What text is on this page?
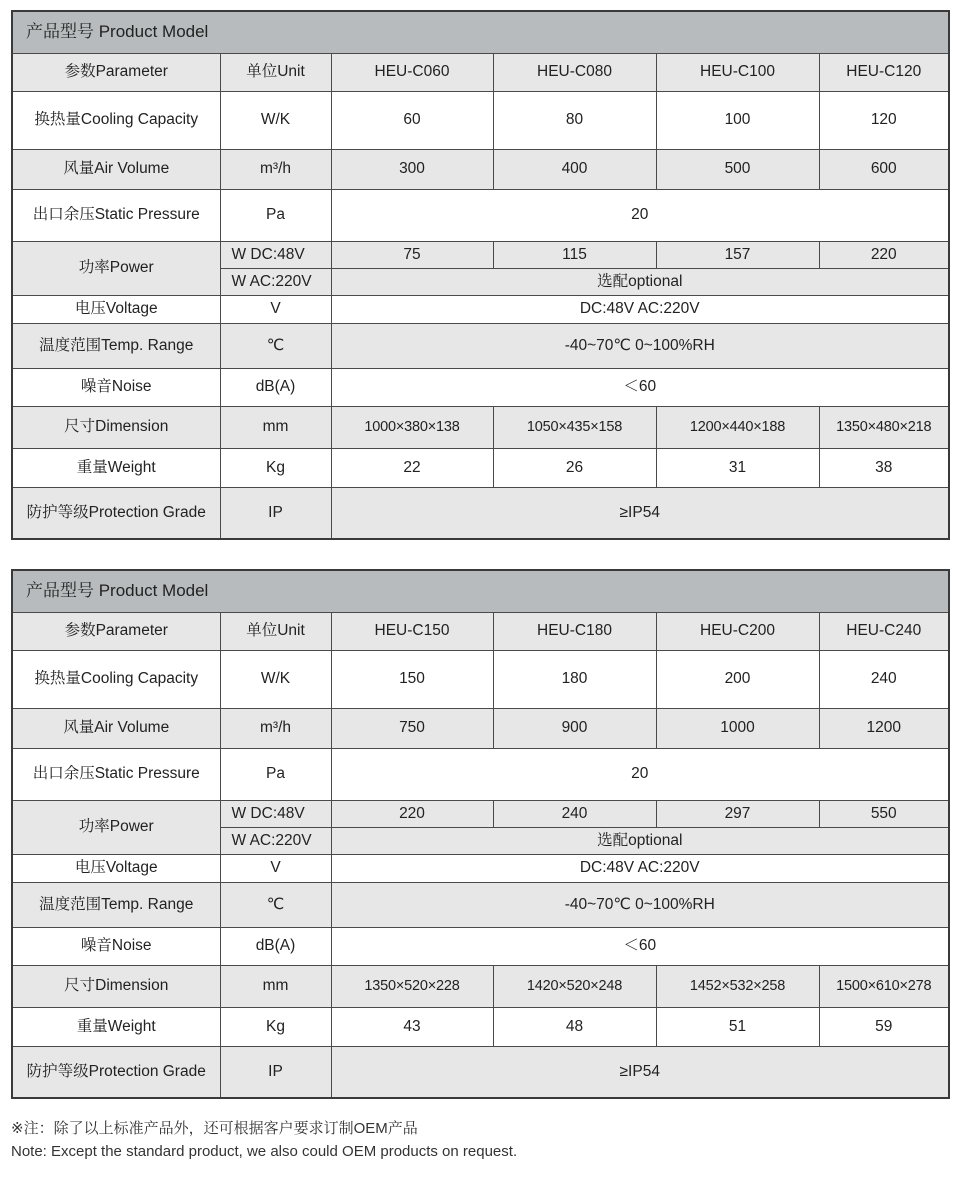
产品型号 Product Model					
参数Parameter	单位Unit	HEU-C060	HEU-C080	HEU-C100	HEU-C120
换热量Cooling Capacity	W/K	60	80	100	120
风量Air Volume	m³/h	300	400	500	600
出口余压Static Pressure	Pa	20			
功率Power	W DC:48V	75	115	157	220
	W AC:220V	选配optional			
电压Voltage	V	DC:48V AC:220V			
温度范围Temp. Range	℃	-40~70℃ 0~100%RH			
噪音Noise	dB(A)	＜60			
尺寸Dimension	mm	1000×380×138	1050×435×158	1200×440×188	1350×480×218
重量Weight	Kg	22	26	31	38
防护等级Protection Grade	IP	≥IP54			
产品型号 Product Model					
参数Parameter	单位Unit	HEU-C150	HEU-C180	HEU-C200	HEU-C240
换热量Cooling Capacity	W/K	150	180	200	240
风量Air Volume	m³/h	750	900	1000	1200
出口余压Static Pressure	Pa	20			
功率Power	W DC:48V	220	240	297	550
	W AC:220V	选配optional			
电压Voltage	V	DC:48V AC:220V			
温度范围Temp. Range	℃	-40~70℃ 0~100%RH			
噪音Noise	dB(A)	＜60			
尺寸Dimension	mm	1350×520×228	1420×520×248	1452×532×258	1500×610×278
重量Weight	Kg	43	48	51	59
防护等级Protection Grade	IP	≥IP54			
※注：除了以上标准产品外，还可根据客户要求订制OEM产品
Note: Except the standard product, we also could OEM products on request.
